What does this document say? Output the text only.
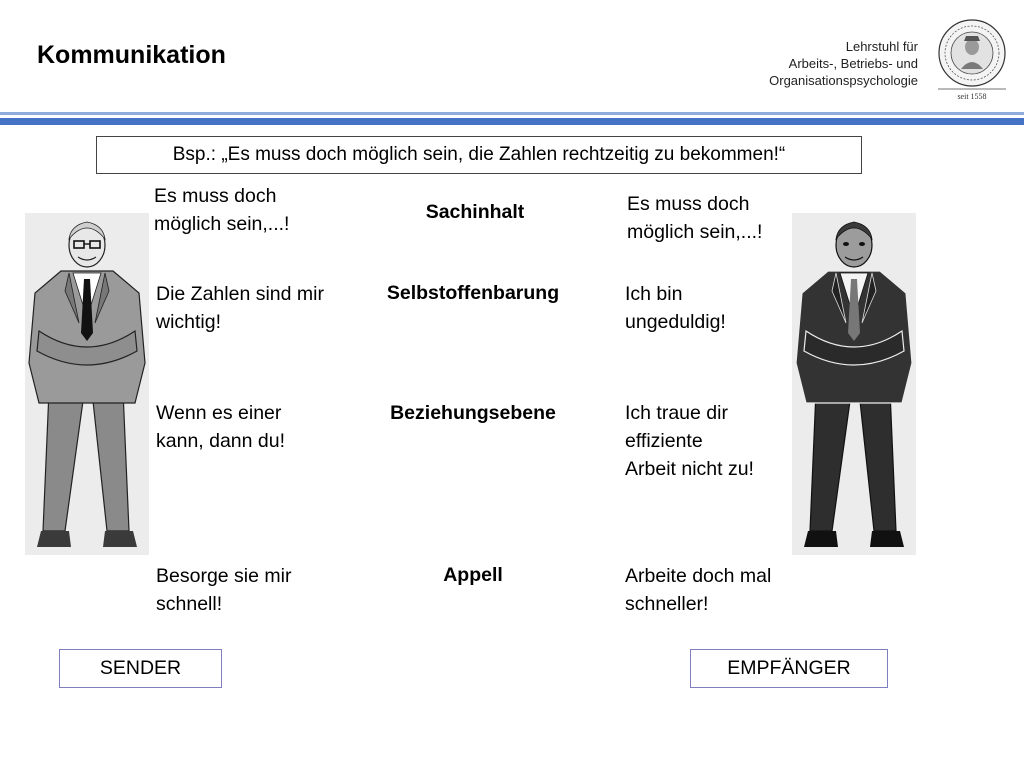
Kommunikation	Lehrstuhl für
Arbeits-, Betriebs- und
Organisationspsychologie
seit 1558
Bsp.: „Es muss doch möglich sein, die Zahlen rechtzeitig zu bekommen!“
Es muss doch möglich sein,...!
Die Zahlen sind mir wichtig!
Wenn es einer kann, dann du!
Besorge sie mir schnell!
Sachinhalt
Selbstoffenbarung
Beziehungsebene
Appell
Es muss doch möglich sein,...!
Ich bin ungeduldig!
Ich traue dir effiziente Arbeit nicht zu!
Arbeite doch mal schneller!
SENDER	EMPFÄNGER
